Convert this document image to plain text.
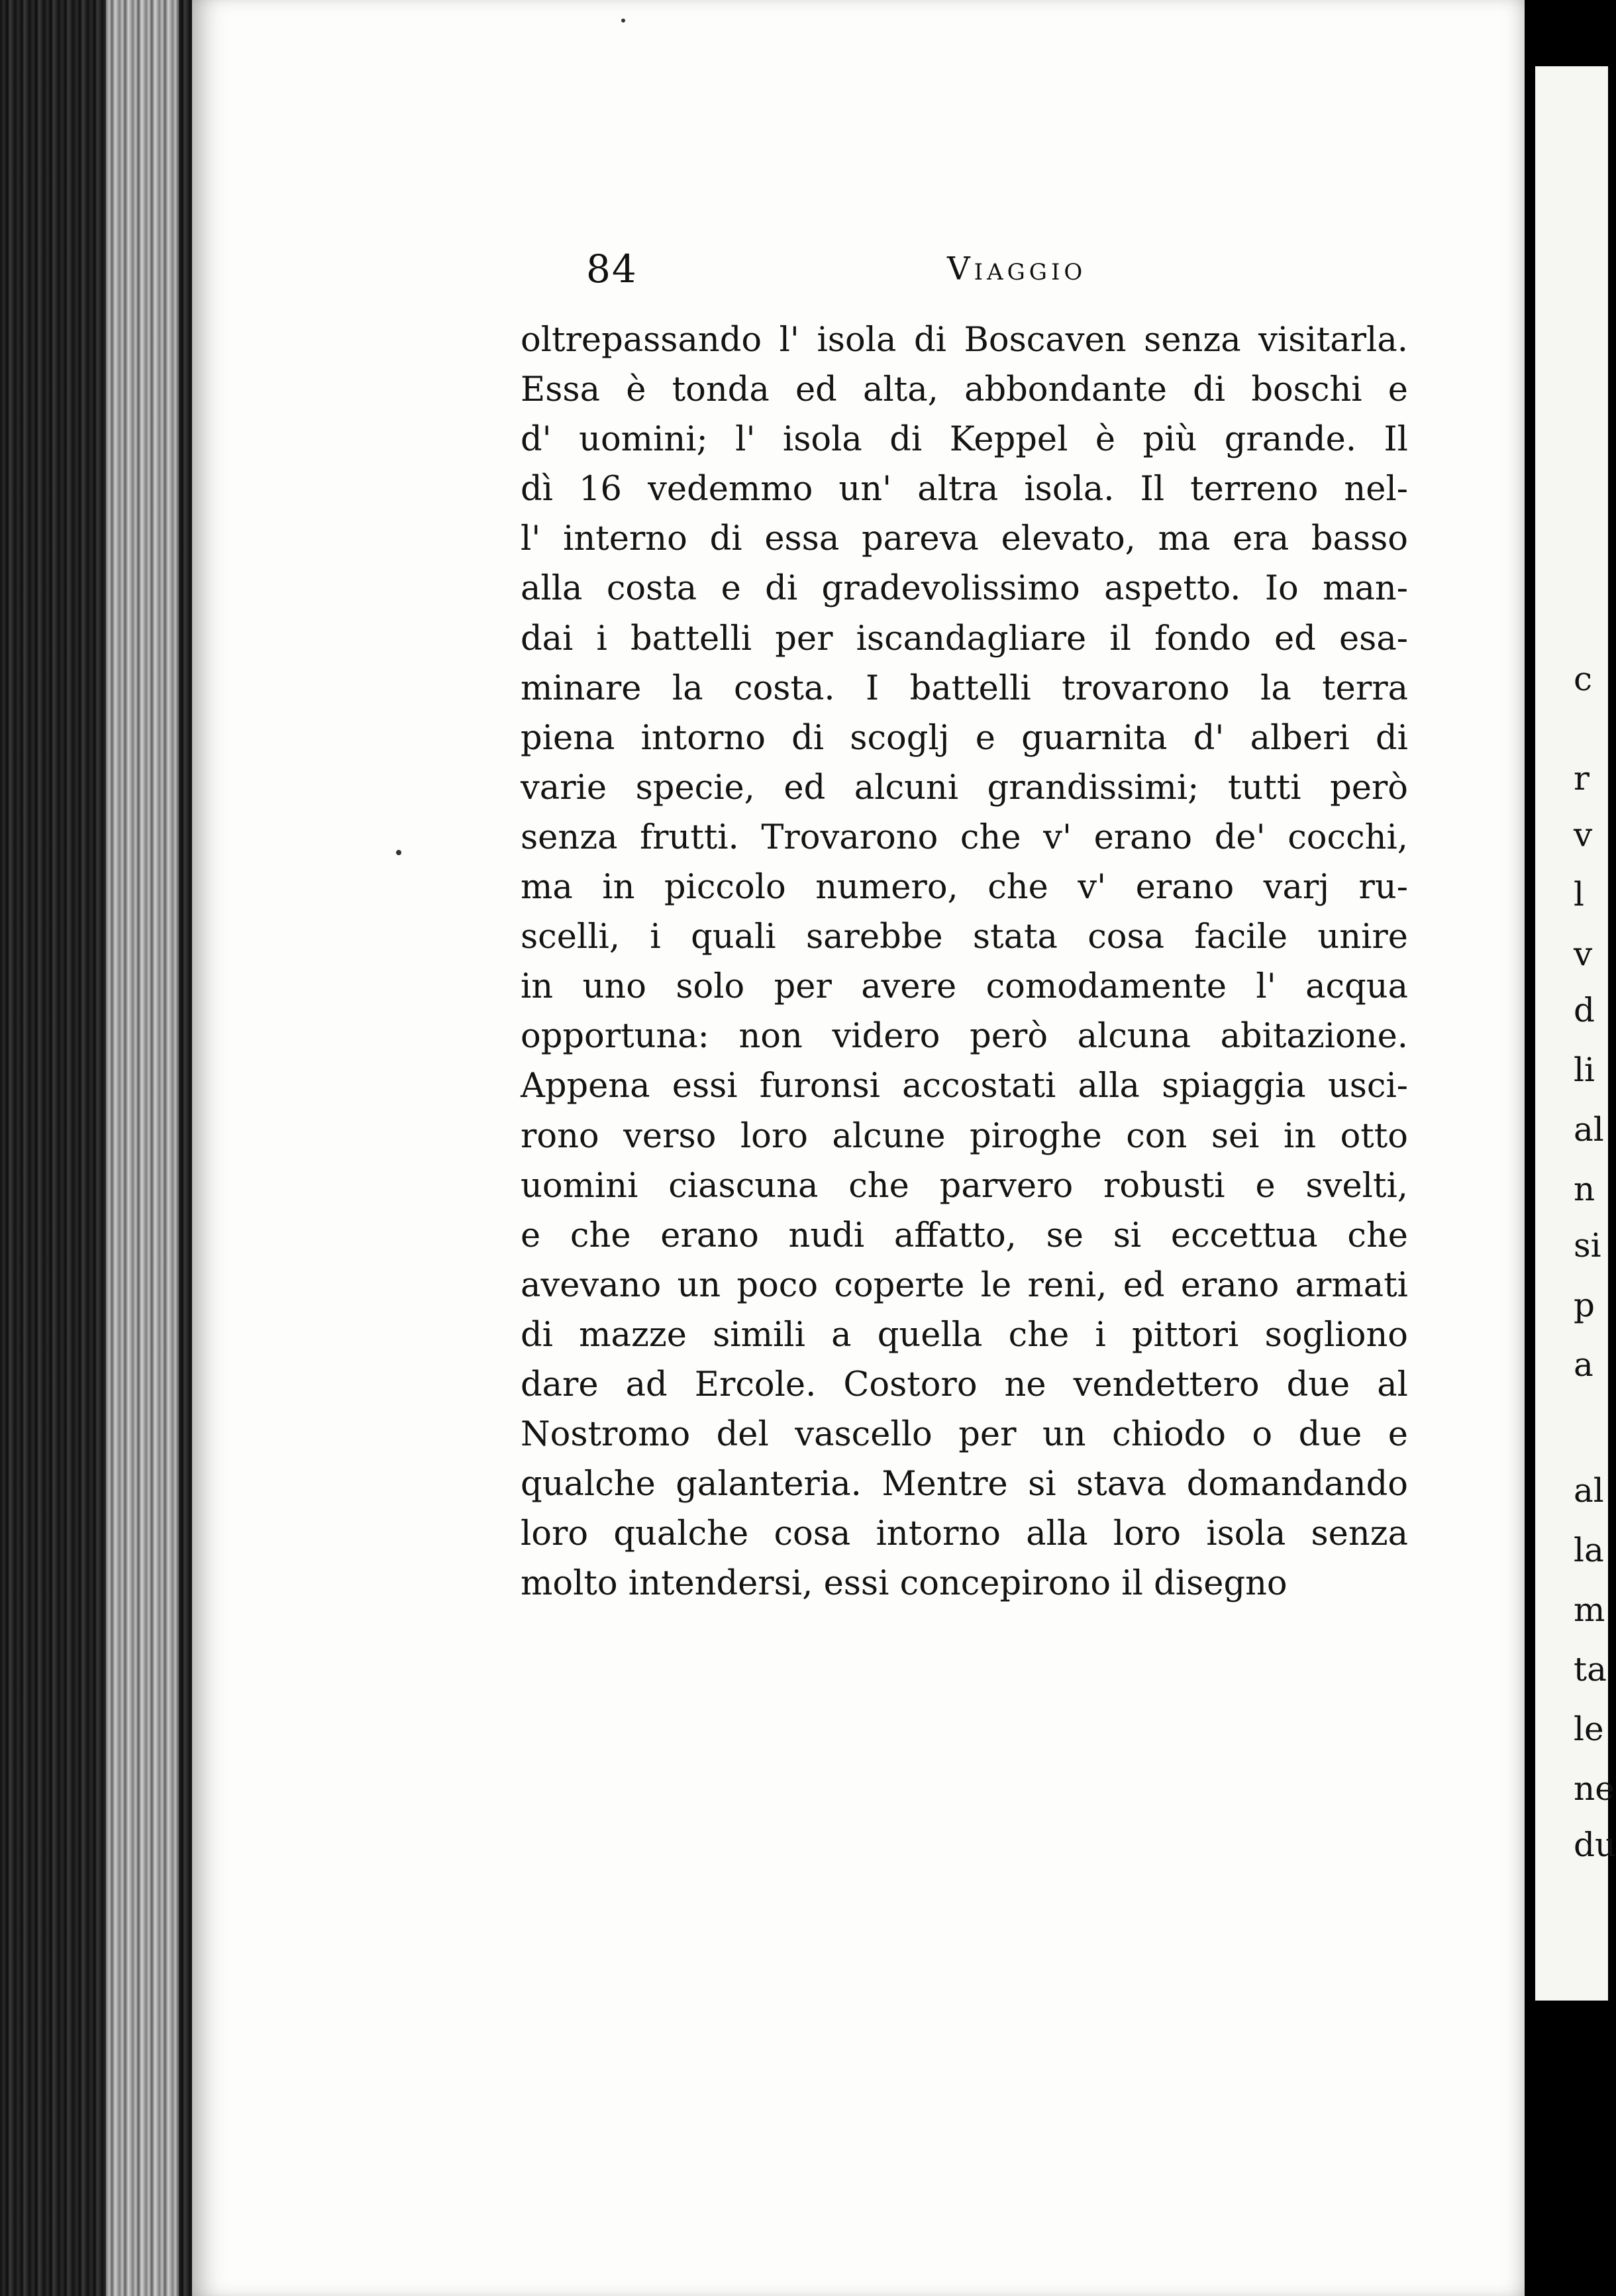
c
r
v
l
v
d
li
al
n
si
p
a
al
la
m
ta
le
ne
du
84	Viaggio
oltrepassando l' isola di Boscaven senza visitarla.
Essa è tonda ed alta, abbondante di boschi e
d' uomini; l' isola di Keppel è più grande. Il
dì 16 vedemmo un' altra isola. Il terreno nel-
l' interno di essa pareva elevato, ma era basso
alla costa e di gradevolissimo aspetto. Io man-
dai i battelli per iscandagliare il fondo ed esa-
minare la costa. I battelli trovarono la terra
piena intorno di scoglj e guarnita d' alberi di
varie specie, ed alcuni grandissimi; tutti però
senza frutti. Trovarono che v' erano de' cocchi,
ma in piccolo numero, che v' erano varj ru-
scelli, i quali sarebbe stata cosa facile unire
in uno solo per avere comodamente l' acqua
opportuna: non videro però alcuna abitazione.
Appena essi furonsi accostati alla spiaggia usci-
rono verso loro alcune piroghe con sei in otto
uomini ciascuna che parvero robusti e svelti,
e che erano nudi affatto, se si eccettua che
avevano un poco coperte le reni, ed erano armati
di mazze simili a quella che i pittori sogliono
dare ad Ercole. Costoro ne vendettero due al
Nostromo del vascello per un chiodo o due e
qualche galanteria. Mentre si stava domandando
loro qualche cosa intorno alla loro isola senza
molto intendersi, essi concepirono il disegno
